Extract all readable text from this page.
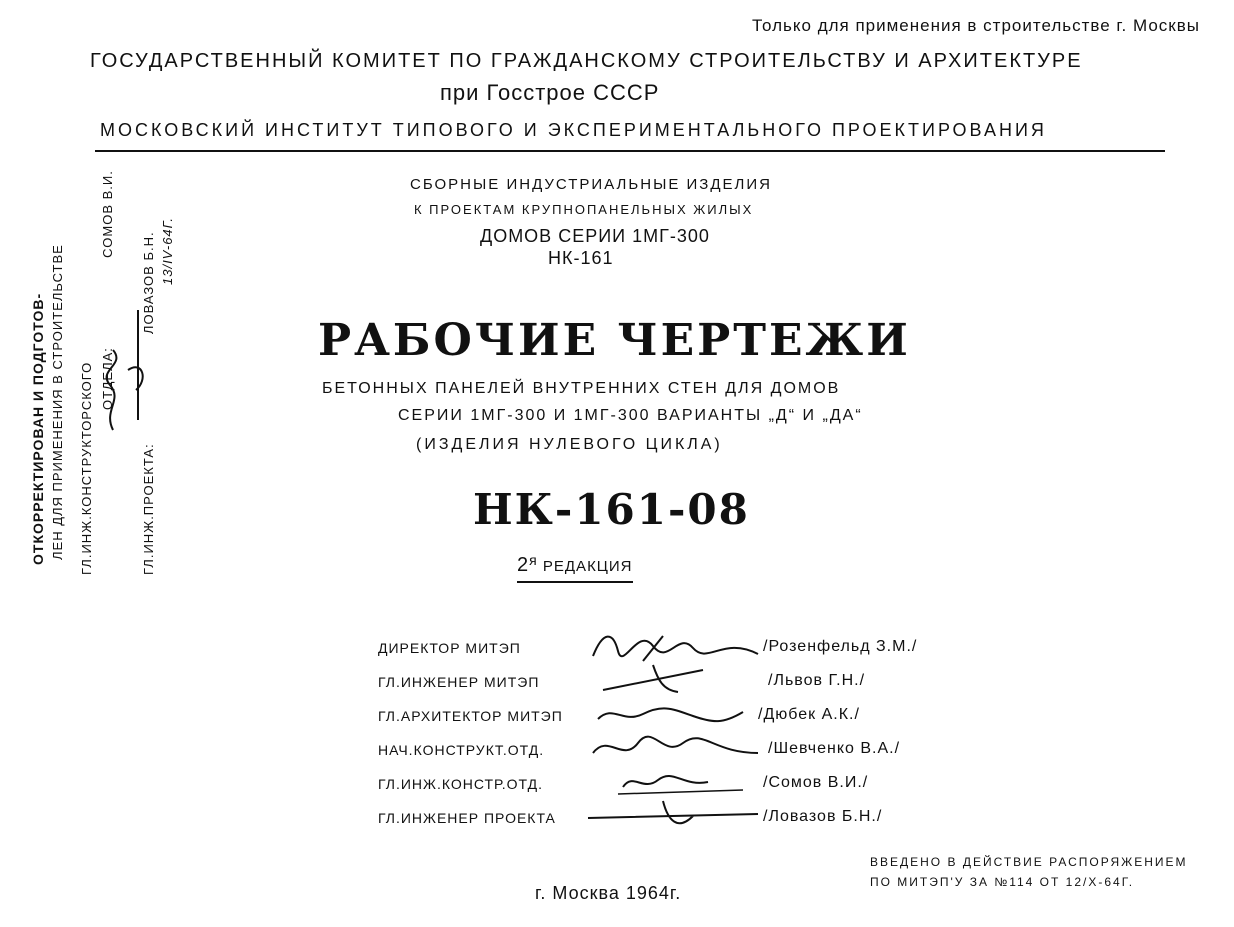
Только для применения в строительстве г. Москвы
ГОСУДАРСТВЕННЫЙ КОМИТЕТ ПО ГРАЖДАНСКОМУ СТРОИТЕЛЬСТВУ И АРХИТЕКТУРЕ
при Госстрое СССР
МОСКОВСКИЙ ИНСТИТУТ ТИПОВОГО И ЭКСПЕРИМЕНТАЛЬНОГО ПРОЕКТИРОВАНИЯ
СБОРНЫЕ ИНДУСТРИАЛЬНЫЕ ИЗДЕЛИЯ
К ПРОЕКТАМ КРУПНОПАНЕЛЬНЫХ ЖИЛЫХ
ДОМОВ СЕРИИ 1МГ-300
НК-161
РАБОЧИЕ ЧЕРТЕЖИ
БЕТОННЫХ ПАНЕЛЕЙ ВНУТРЕННИХ СТЕН ДЛЯ ДОМОВ
СЕРИИ 1МГ-300 И 1МГ-300 ВАРИАНТЫ „Д“ И „ДА“
(ИЗДЕЛИЯ НУЛЕВОГО ЦИКЛА)
НК-161-08
$2^я$ РЕДАКЦИЯ
ДИРЕКТОР МИТЭП	/Розенфельд З.М./
ГЛ.ИНЖЕНЕР МИТЭП	/Львов Г.Н./
ГЛ.АРХИТЕКТОР МИТЭП	/Дюбек А.К./
НАЧ.КОНСТРУКТ.ОТД.	/Шевченко В.А./
ГЛ.ИНЖ.КОНСТР.ОТД.	/Сомов В.И./
ГЛ.ИНЖЕНЕР ПРОЕКТА	/Ловазов Б.Н./
ОТКОРРЕКТИРОВАН И ПОДГОТОВ- ЛЕН ДЛЯ ПРИМЕНЕНИЯ В СТРОИТЕЛЬСТВЕ ГЛ.ИНЖ.КОНСТРУКТОРСКОГО ОТДЕЛА:  СОМОВ В.И.
ГЛ.ИНЖ.ПРОЕКТА:  ЛОВАЗОВ Б.Н. 13/IV-64Г.
ВВЕДЕНО В ДЕЙСТВИЕ РАСПОРЯЖЕНИЕМ
ПО МИТЭП'У ЗА №114 ОТ 12/X-64Г.
г. Москва 1964г.
